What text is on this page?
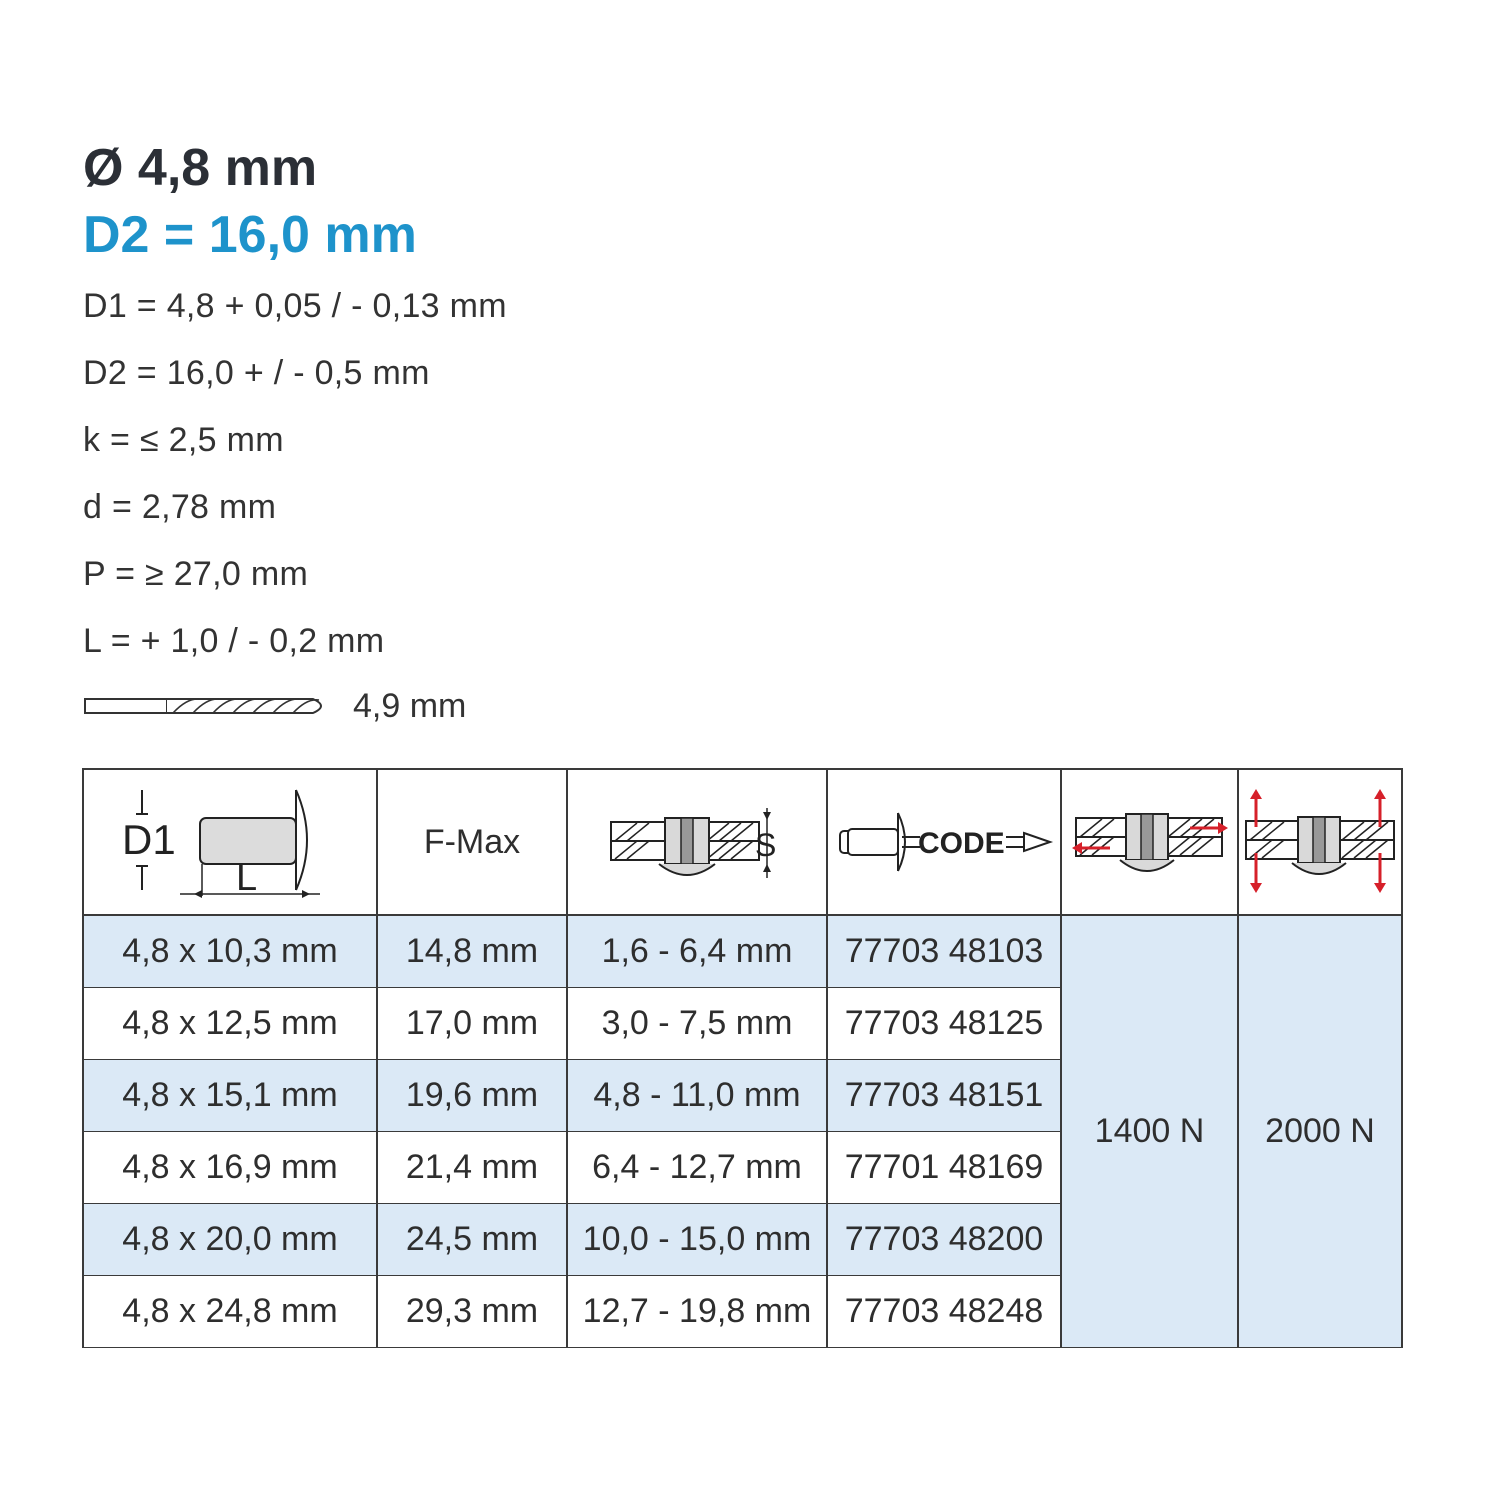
Ø 4,8 mm
D2 = 16,0 mm
D1 = 4,8 + 0,05 / - 0,13 mm
D2 = 16,0 + / - 0,5 mm
k = ≤ 2,5 mm
d = 2,78 mm
P = ≥ 27,0 mm
L = + 1,0 / - 0,2 mm
4,9 mm
D1
L	F-Max	S	CODE

4,8 x 10,3 mm	14,8 mm	1,6 - 6,4 mm	77703 48103	1400 N	2000 N
4,8 x 12,5 mm	17,0 mm	3,0 - 7,5 mm	77703 48125		
4,8 x 15,1 mm	19,6 mm	4,8 - 11,0 mm	77703 48151		
4,8 x 16,9 mm	21,4 mm	6,4 - 12,7 mm	77701 48169		
4,8 x 20,0 mm	24,5 mm	10,0 - 15,0 mm	77703 48200		
4,8 x 24,8 mm	29,3 mm	12,7 - 19,8 mm	77703 48248		
